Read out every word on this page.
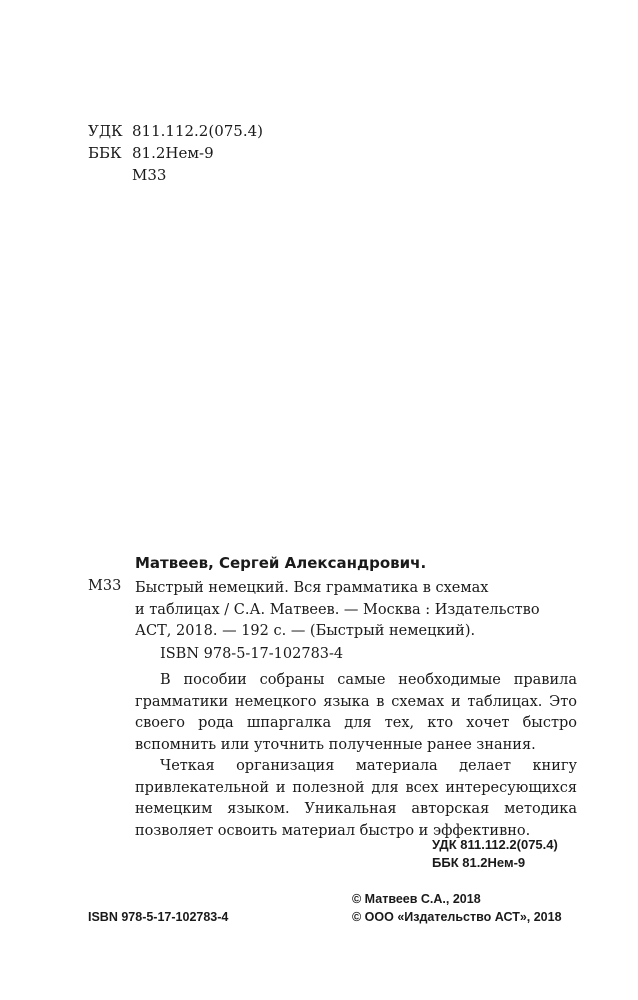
УДК 811.112.2(075.4)
ББК 81.2Нем-9
М33
Матвеев, Сергей Александрович.
М33 Быстрый немецкий. Вся грамматика в схемах
и таблицах / С.А. Матвеев. — Москва : Издательство
АСТ, 2018. — 192 с. — (Быстрый немецкий).
ISBN 978-5-17-102783-4

В пособии собраны самые необходимые правила грамматики немецкого языка в схемах и таблицах. Это своего рода шпаргалка для тех, кто хочет быстро вспомнить или уточнить полученные ранее знания.

Четкая организация материала делает книгу привлекательной и полезной для всех интересующихся немецким языком. Уникальная авторская методика позволяет освоить материал быстро и эффективно.

УДК 811.112.2(075.4)
ББК 81.2Нем-9
ISBN 978-5-17-102783-4
© Матвеев С.А., 2018
© ООО «Издательство АСТ», 2018
